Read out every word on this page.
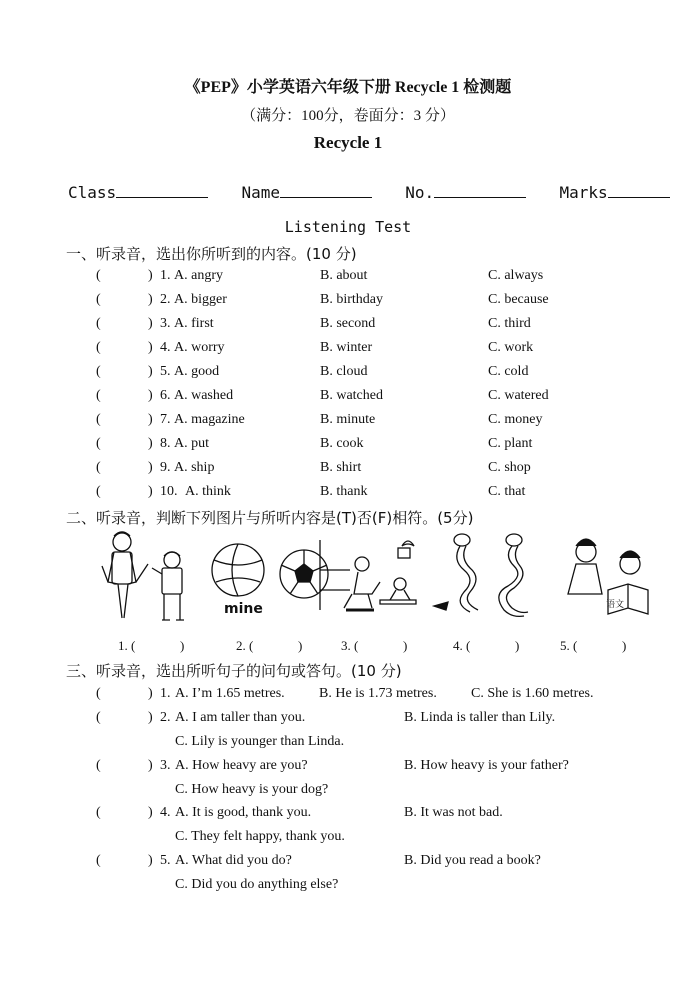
《PEP》小学英语六年级下册 Recycle 1 检测题
（满分：100分，卷面分：3 分）
Recycle 1
Class	Name	No.	Marks
Listening Test
一、听录音，选出你所听到的内容。(10 分)
(	) 1. A. angry	B. about	C. always
(	) 2. A. bigger	B. birthday	C. because
(	) 3. A. first	B. second	C. third
(	) 4. A. worry	B. winter	C. work
(	) 5. A. good	B. cloud	C. cold
(	) 6. A. washed	B. watched	C. watered
(	) 7. A. magazine	B. minute	C. money
(	) 8. A. put	B. cook	C. plant
(	) 9. A. ship	B. shirt	C. shop
(	) 10. A. think	B. thank	C. that
二、听录音，判断下列图片与所听内容是(T)否(F)相符。(5分)
mine	语文
1. (	)	2. (	)	3. (	)	4. (	)	5. (	)
三、听录音，选出所听句子的问句或答句。(10 分)
(	) 1. A. I’m 1.65 metres. B. He is 1.73 metres. C. She is 1.60 metres.
(	) 2. A. I am taller than you.	B. Linda is taller than Lily.
C. Lily is younger than Linda.
(	) 3. A. How heavy are you?	B. How heavy is your father?
C. How heavy is your dog?
(	) 4. A. It is good, thank you.	B. It was not bad.
C. They felt happy, thank you.
(	) 5. A. What did you do?	B. Did you read a book?
C. Did you do anything else?
